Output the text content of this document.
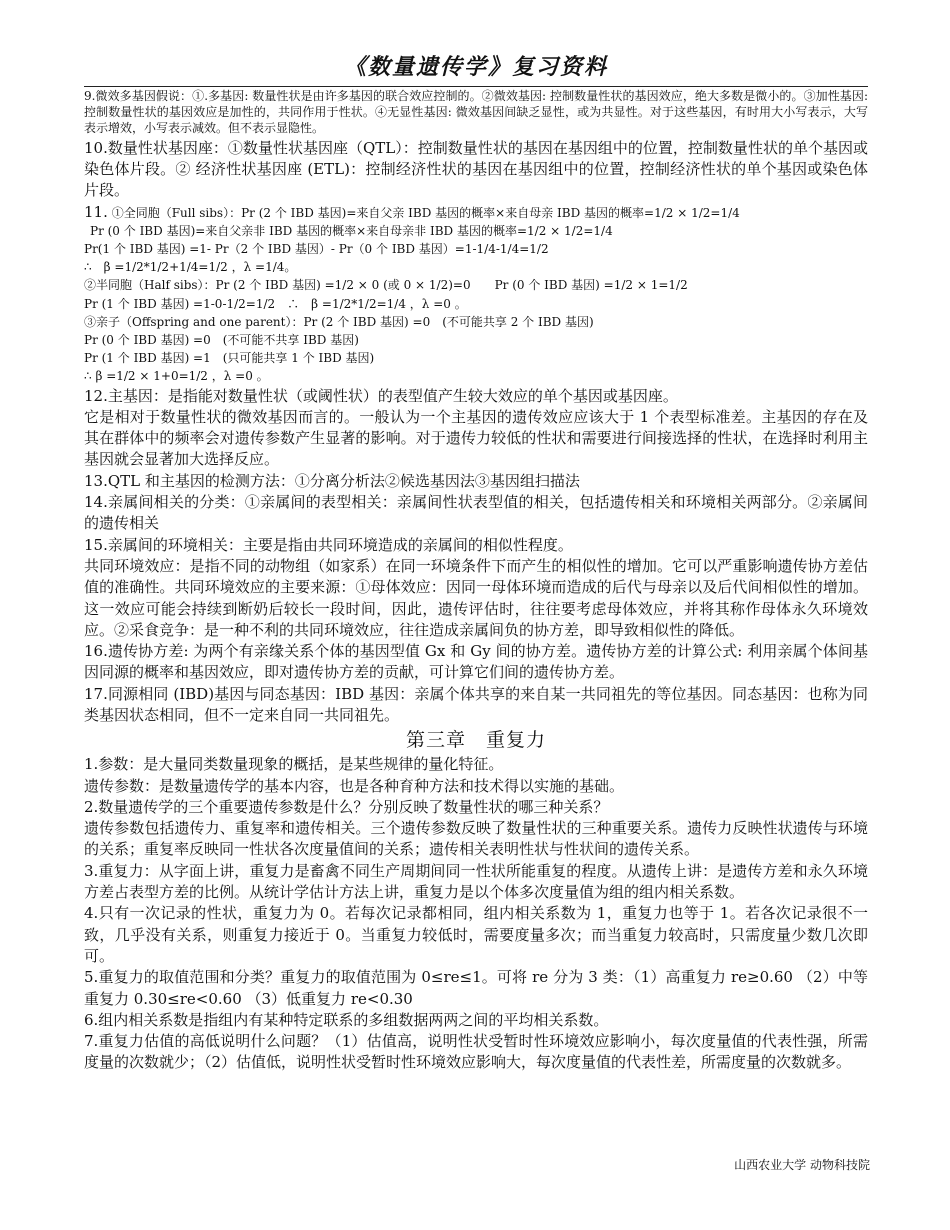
《数量遗传学》复习资料

9.微效多基因假说：①.多基因: 数量性状是由许多基因的联合效应控制的。②微效基因: 控制数量性状的基因效应，绝大多数是微小的。③加性基因: 控制数量性状的基因效应是加性的，共同作用于性状。④无显性基因: 微效基因间缺乏显性，或为共显性。对于这些基因，有时用大小写表示，大写表示增效，小写表示减效。但不表示显隐性。

10.数量性状基因座：①数量性状基因座（QTL）：控制数量性状的基因在基因组中的位置，控制数量性状的单个基因或染色体片段。② 经济性状基因座 (ETL)：控制经济性状的基因在基因组中的位置，控制经济性状的单个基因或染色体片段。

11. ①全同胞（Full sibs）：Pr (2 个 IBD 基因)=来自父亲 IBD 基因的概率×来自母亲 IBD 基因的概率=1/2 × 1/2=1/4

Pr (0 个 IBD 基因)=来自父亲非 IBD 基因的概率×来自母亲非 IBD 基因的概率=1/2 × 1/2=1/4

Pr(1 个 IBD 基因) =1- Pr（2 个 IBD 基因）- Pr（0 个 IBD 基因）=1-1/4-1/4=1/2

∴　β =1/2*1/2+1/4=1/2 ，λ =1/4。

②半同胞（Half sibs）：Pr (2 个 IBD 基因) =1/2 × 0 (或 0 × 1/2)=0　　Pr (0 个 IBD 基因) =1/2 × 1=1/2

Pr (1 个 IBD 基因) =1-0-1/2=1/2　∴　β =1/2*1/2=1/4 ，λ =0 。

③亲子（Offspring and one parent）：Pr (2 个 IBD 基因) =0　(不可能共享 2 个 IBD 基因)

Pr (0 个 IBD 基因) =0　(不可能不共享 IBD 基因)

Pr (1 个 IBD 基因) =1　(只可能共享 1 个 IBD 基因)

∴ β =1/2 × 1+0=1/2 ，λ =0 。

12.主基因：是指能对数量性状（或阈性状）的表型值产生较大效应的单个基因或基因座。

它是相对于数量性状的微效基因而言的。一般认为一个主基因的遗传效应应该大于 1 个表型标准差。主基因的存在及其在群体中的频率会对遗传参数产生显著的影响。对于遗传力较低的性状和需要进行间接选择的性状，在选择时利用主基因就会显著加大选择反应。

13.QTL 和主基因的检测方法：①分离分析法②候选基因法③基因组扫描法

14.亲属间相关的分类：①亲属间的表型相关：亲属间性状表型值的相关，包括遗传相关和环境相关两部分。②亲属间的遗传相关

15.亲属间的环境相关：主要是指由共同环境造成的亲属间的相似性程度。

共同环境效应：是指不同的动物组（如家系）在同一环境条件下而产生的相似性的增加。它可以严重影响遗传协方差估值的准确性。共同环境效应的主要来源：①母体效应：因同一母体环境而造成的后代与母亲以及后代间相似性的增加。这一效应可能会持续到断奶后较长一段时间，因此，遗传评估时，往往要考虑母体效应，并将其称作母体永久环境效应。②采食竞争：是一种不利的共同环境效应，往往造成亲属间负的协方差，即导致相似性的降低。

16.遗传协方差: 为两个有亲缘关系个体的基因型值 Gx 和 Gy 间的协方差。遗传协方差的计算公式: 利用亲属个体间基因同源的概率和基因效应，即对遗传协方差的贡献，可计算它们间的遗传协方差。

17.同源相同 (IBD)基因与同态基因：IBD 基因：亲属个体共享的来自某一共同祖先的等位基因。同态基因：也称为同类基因状态相同，但不一定来自同一共同祖先。

第三章　重复力

1.参数：是大量同类数量现象的概括，是某些规律的量化特征。

遗传参数：是数量遗传学的基本内容，也是各种育种方法和技术得以实施的基础。

2.数量遗传学的三个重要遗传参数是什么？分别反映了数量性状的哪三种关系？

遗传参数包括遗传力、重复率和遗传相关。三个遗传参数反映了数量性状的三种重要关系。遗传力反映性状遗传与环境的关系；重复率反映同一性状各次度量值间的关系；遗传相关表明性状与性状间的遗传关系。

3.重复力：从字面上讲，重复力是畜禽不同生产周期间同一性状所能重复的程度。从遗传上讲：是遗传方差和永久环境方差占表型方差的比例。从统计学估计方法上讲，重复力是以个体多次度量值为组的组内相关系数。

4.只有一次记录的性状，重复力为 0。若每次记录都相同，组内相关系数为 1，重复力也等于 1。若各次记录很不一致，几乎没有关系，则重复力接近于 0。当重复力较低时，需要度量多次；而当重复力较高时，只需度量少数几次即可。

5.重复力的取值范围和分类？重复力的取值范围为 0≤re≤1。可将 re 分为 3 类：（1）高重复力 re≥0.60 （2）中等重复力 0.30≤re<0.60 （3）低重复力 re<0.30

6.组内相关系数是指组内有某种特定联系的多组数据两两之间的平均相关系数。

7.重复力估值的高低说明什么问题？（1）估值高，说明性状受暂时性环境效应影响小，每次度量值的代表性强，所需度量的次数就少；（2）估值低，说明性状受暂时性环境效应影响大，每次度量值的代表性差，所需度量的次数就多。

山西农业大学 动物科技院
